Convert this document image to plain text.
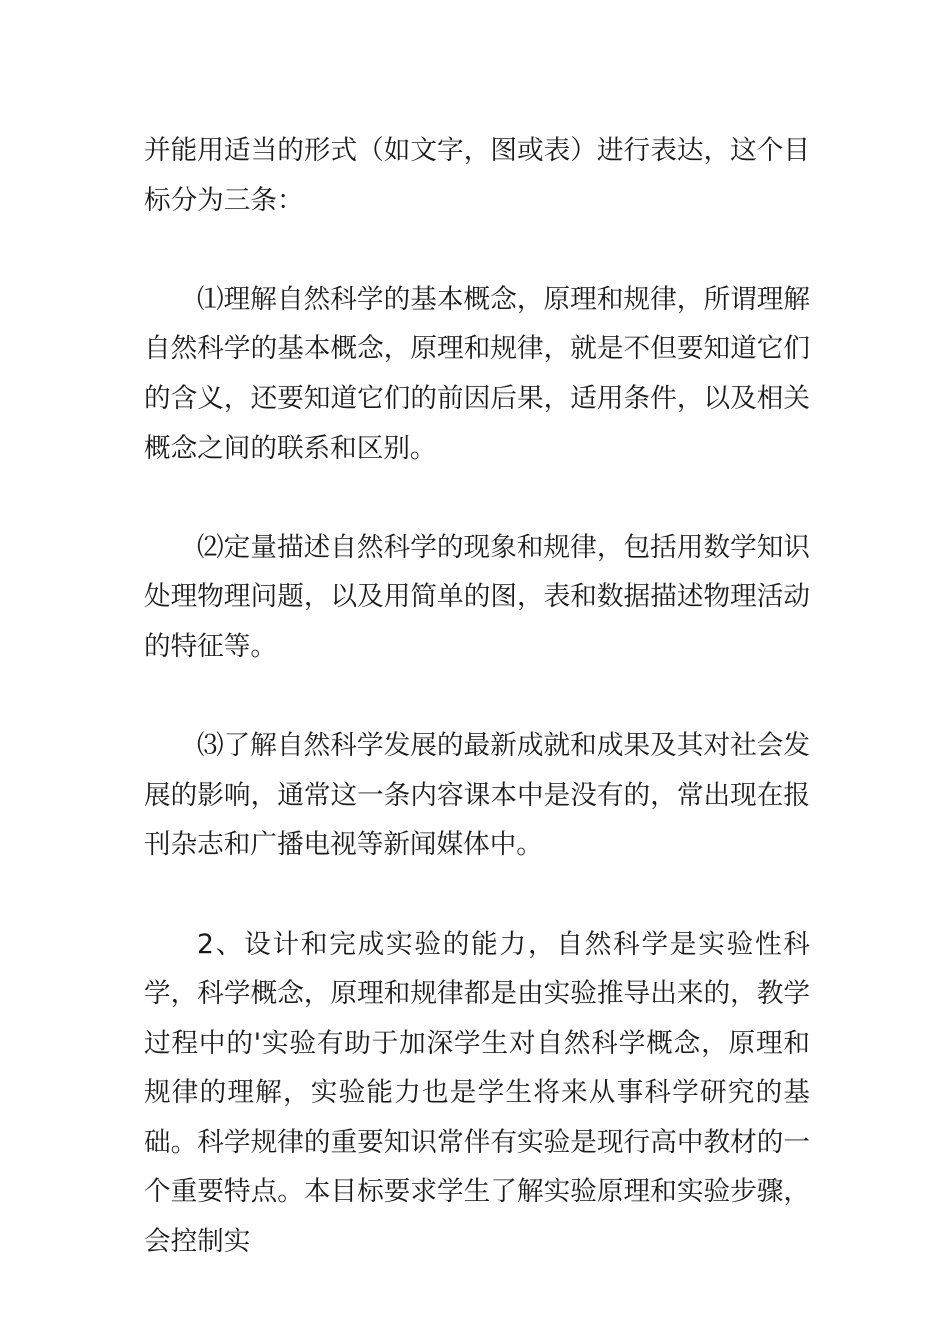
并能用适当的形式（如文字，图或表）进行表达，这个目标分为三条：

⑴理解自然科学的基本概念，原理和规律，所谓理解自然科学的基本概念，原理和规律，就是不但要知道它们的含义，还要知道它们的前因后果，适用条件，以及相关概念之间的联系和区别。

⑵定量描述自然科学的现象和规律，包括用数学知识处理物理问题，以及用简单的图，表和数据描述物理活动的特征等。

⑶了解自然科学发展的最新成就和成果及其对社会发展的影响，通常这一条内容课本中是没有的，常出现在报刊杂志和广播电视等新闻媒体中。

2、设计和完成实验的能力，自然科学是实验性科学，科学概念，原理和规律都是由实验推导出来的，教学过程中的'实验有助于加深学生对自然科学概念，原理和规律的理解，实验能力也是学生将来从事科学研究的基础。科学规律的重要知识常伴有实验是现行高中教材的一个重要特点。本目标要求学生了解实验原理和实验步骤，会控制实
